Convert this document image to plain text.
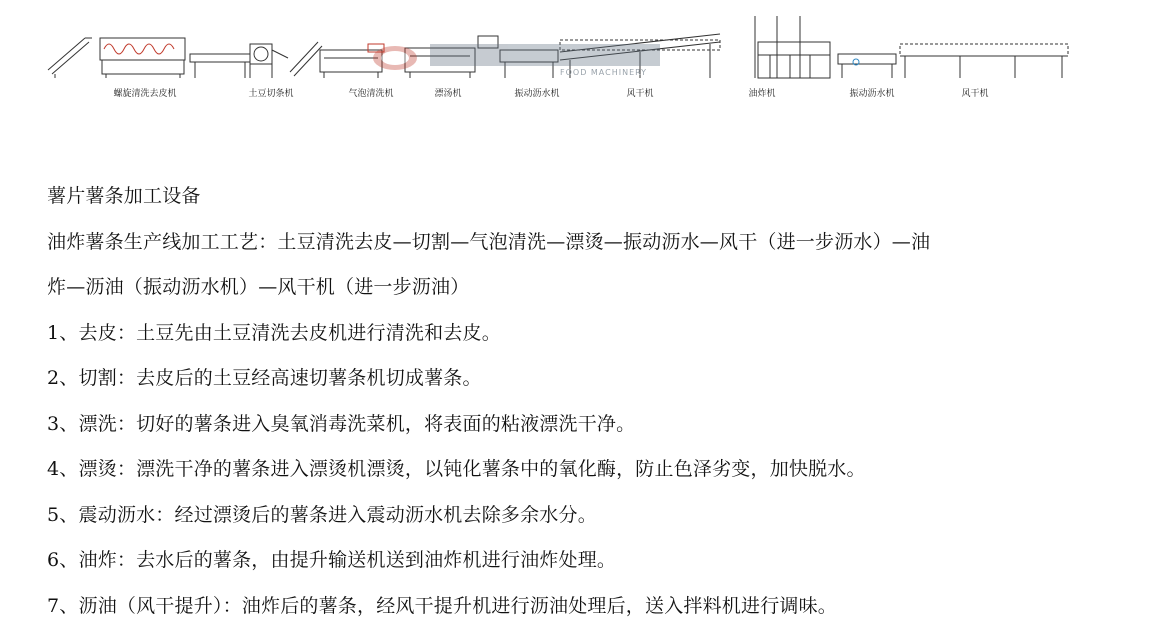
螺旋清洗去皮机	土豆切条机	气泡清洗机	漂汤机	振动沥水机	风干机	油炸机	振动沥水机	风干机
FOOD MACHINERY
薯片薯条加工设备
油炸薯条生产线加工工艺：土豆清洗去皮—切割—气泡清洗—漂烫—振动沥水—风干（进一步沥水）—油
炸—沥油（振动沥水机）—风干机（进一步沥油）
1、去皮：土豆先由土豆清洗去皮机进行清洗和去皮。
2、切割：去皮后的土豆经高速切薯条机切成薯条。
3、漂洗：切好的薯条进入臭氧消毒洗菜机，将表面的粘液漂洗干净。
4、漂烫：漂洗干净的薯条进入漂烫机漂烫，以钝化薯条中的氧化酶，防止色泽劣变，加快脱水。
5、震动沥水：经过漂烫后的薯条进入震动沥水机去除多余水分。
6、油炸：去水后的薯条，由提升输送机送到油炸机进行油炸处理。
7、沥油（风干提升）：油炸后的薯条，经风干提升机进行沥油处理后，送入拌料机进行调味。
